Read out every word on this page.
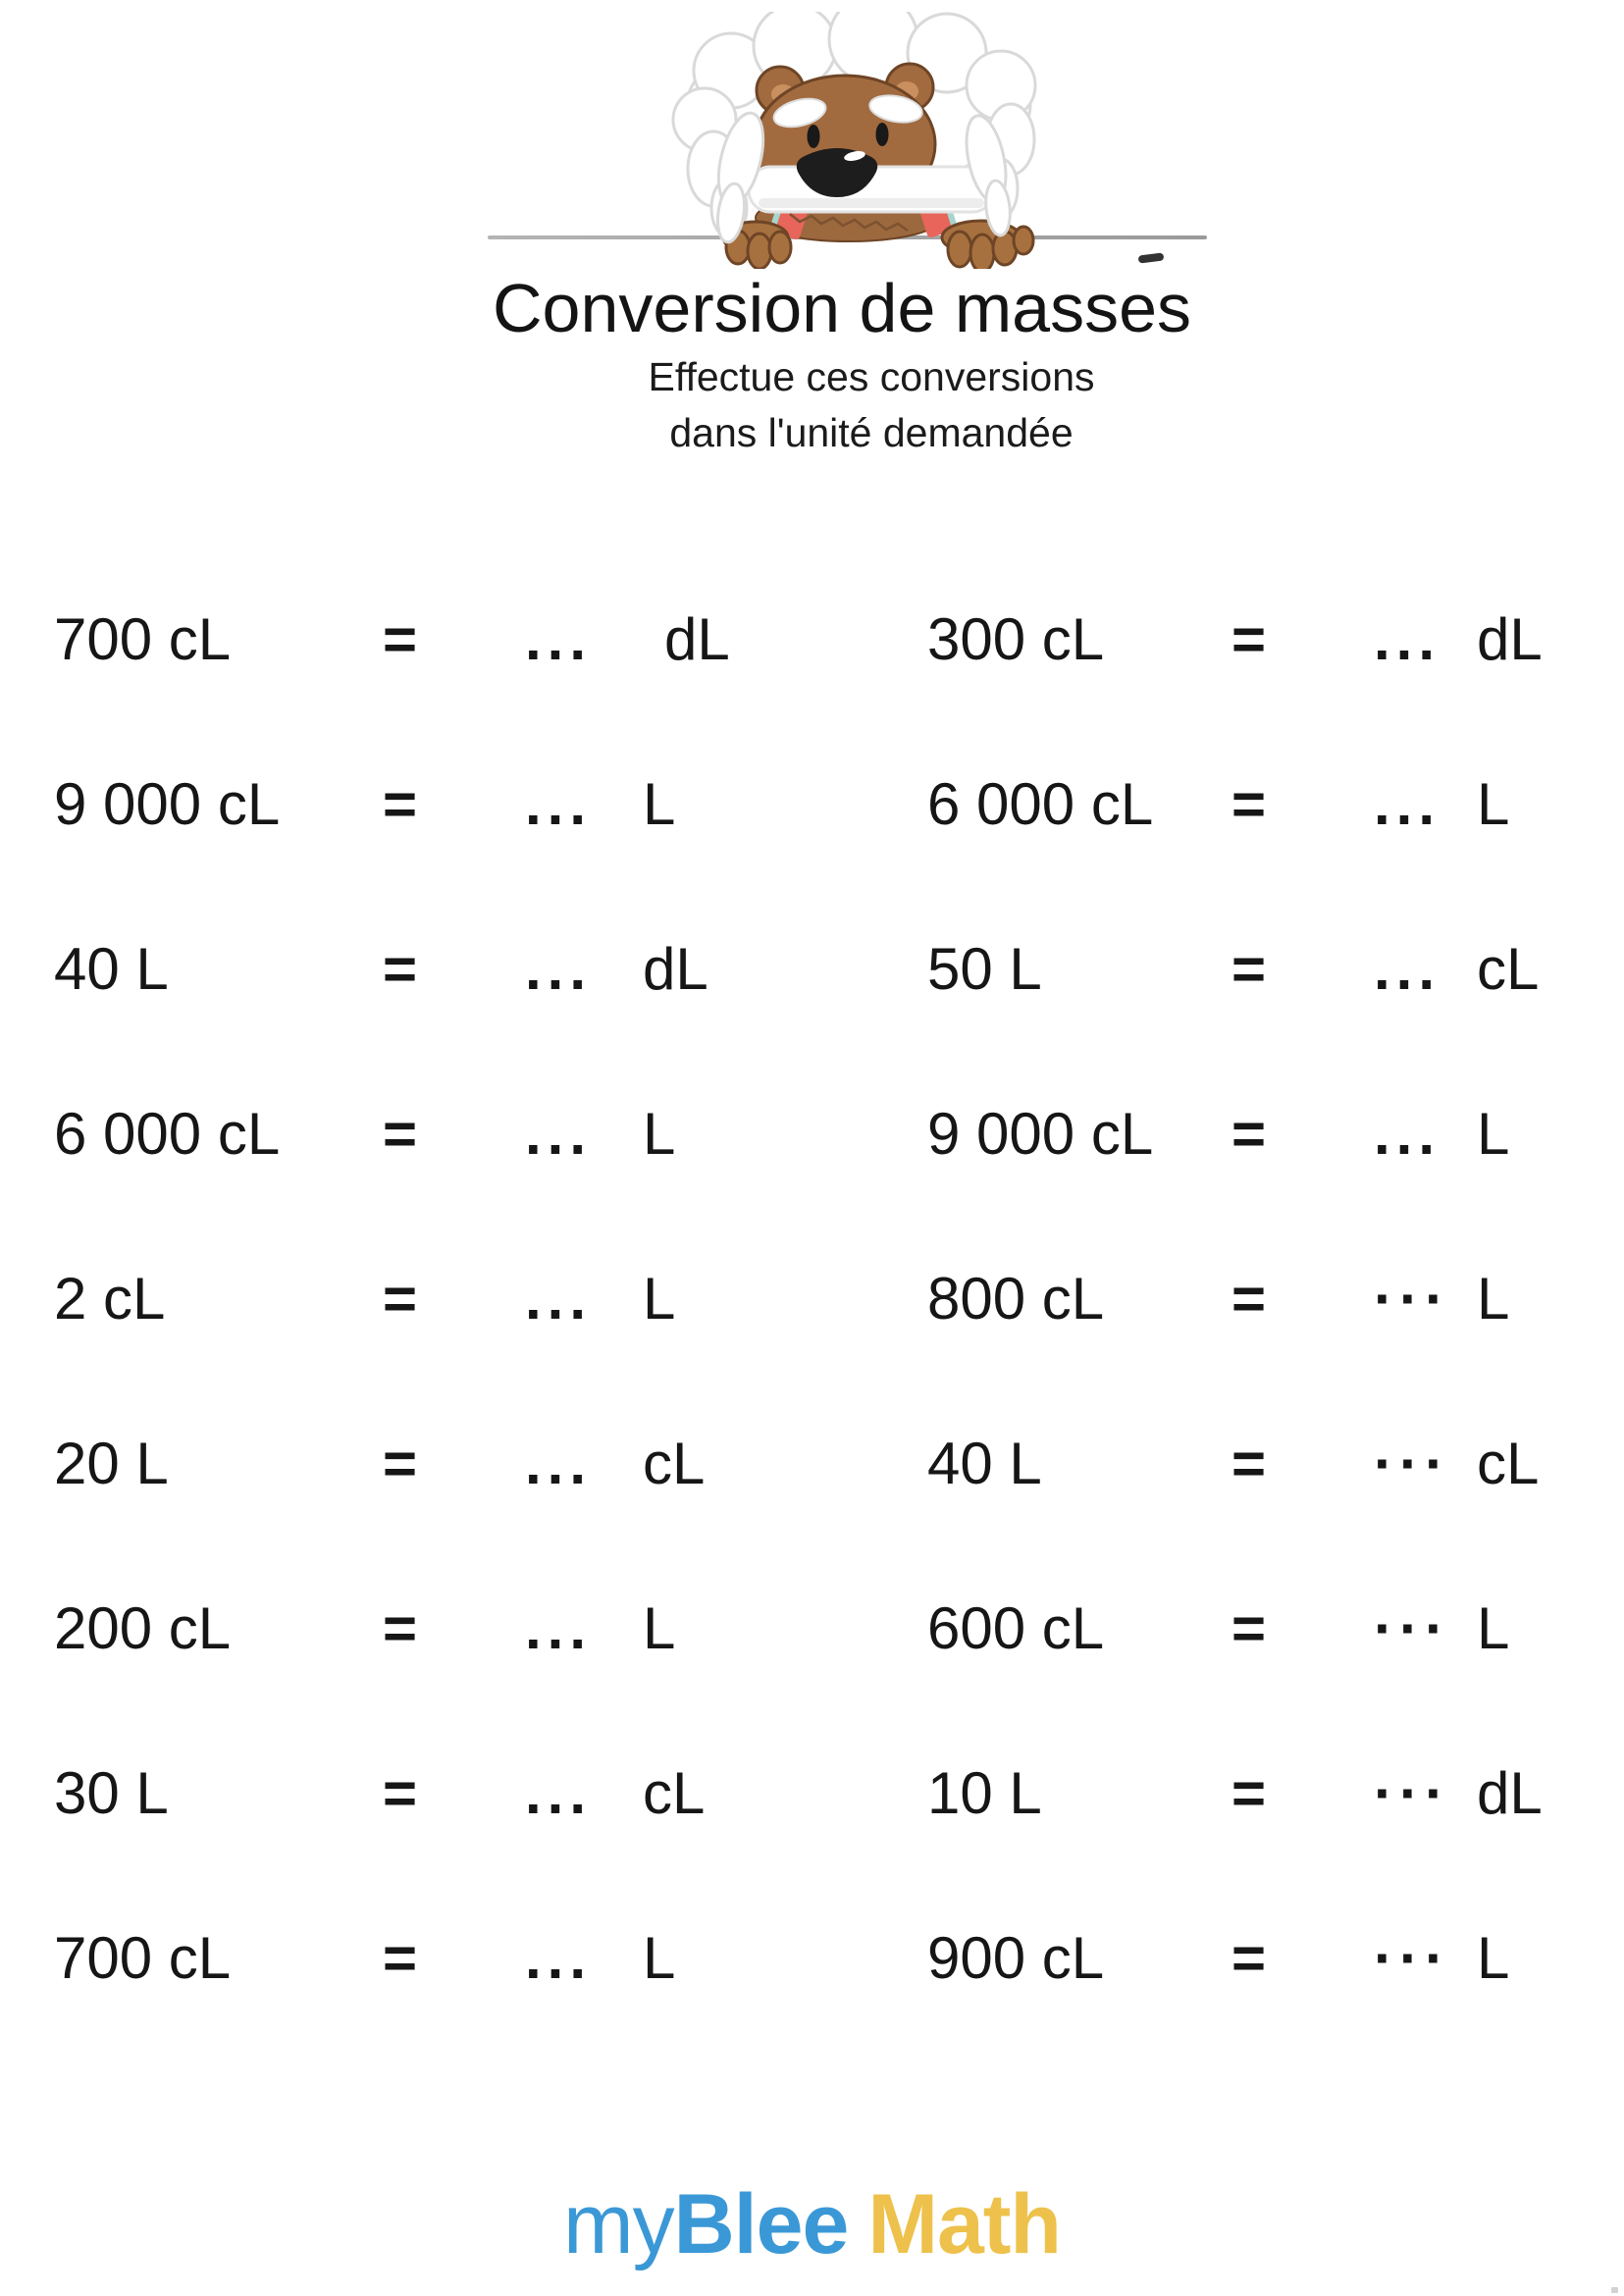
Conversion de masses
Effectue ces conversions
dans l'unité demandée
700 cL	=	...	dL	300 cL	=	... dL
9 000 cL	=	... L	6 000 cL	=	... L
40 L	=	... dL	50 L	=	... cL
6 000 cL	=	... L	9 000 cL	=	... L
2 cL	=	... L	800 cL	=	··· L
20 L	=	... cL	40 L	=	··· cL
200 cL	=	... L	600 cL	=	··· L
30 L	=	... cL	10 L	=	··· dL
700 cL	=	... L	900 cL	=	··· L
myBlee Math
